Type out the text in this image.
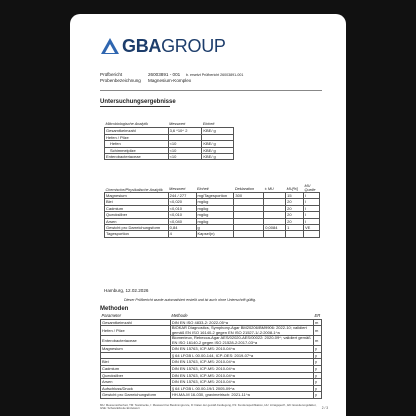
GBA GROUP
Prüfbericht	26003891 - 001 b. ersetzt Prüfbericht 26003891-001
Probenbezeichnung Magnesium-Komplex
Untersuchungsergebnisse
Mikrobiologische Analytik	Messwert	Einheit
Gesamtkeimzahl	3,6 *10^ 2	KBE/ g
Hefen / Pilze		
Hefen	<10	KBE/ g
Schimmelpilze	<10	KBE/ g
Enterobacteriaceae	<10	KBE/ g
Chemische/Physikalische Analytik	Messwert	Einheit	Deklaration	± MU	MU[%]	MU Quelle
Magnesium	244 / 277	mg/Tagesportion	300		15	I
Blei	<0,020	mg/kg			20	I
Cadmium	<0,010	mg/kg			20	I
Quecksilber	<0,010	mg/kg			20	I
Arsen	<0,040	mg/kg			20	I
Gewicht pro Darreichungsform	0,84	g		0,0084	1	VE
Tagesportion	4	Kapsel(n)				
Hamburg, 12.02.2026
Dieser Prüfbericht wurde automatisiert erstellt und ist auch ohne Unterschrift gültig.
Methoden
Parameter	Methode	ER
Gesamtkeimzahl	DIN EN ISO 4833-2: 2022-05^a	m
Hefen / Pilze	BIOKAR Diagnostics, Symphony-Agar BM20206/BM9906: 2022-10; validiert gemäß EN ISO 16140-2 gegen EN ISO 21527-1/-2:2008-1^a	m
Enterobacteriaceae	Biomerieux, Rebecca-Agar AES/02020-AES/00022: 2020-09^; validiert gemäß EN ISO 16140-2 gegen ISO 21528-2:2017-03^a	m
Magnesium	DIN EN 15763, ICP-MS: 2010-04^a	y
	§ 64 LFGB L 00.00-144, ICP-OES: 2019-07^a	y
Blei	DIN EN 15763, ICP-MS: 2010-04^a	y
Cadmium	DIN EN 15763, ICP-MS: 2010-04^a	y
Quecksilber	DIN EN 15763, ICP-MS: 2010-04^a	y
Arsen	DIN EN 15763, ICP-MS: 2010-04^a	y
Aufschluss/Druck	§ 64 LFGB L 00.00-19/1 2005-09^a	y
Gewicht pro Darreichungsform	HH-MA-M 16-030, gravimetrisch: 2021-11^a	y
MU: Messunsicherheit, TM: Teststrecke, I: Messwert bei Bestimmgrenze, D: Daten der gemäß Festlegung, KS: Kundenspezifikation, HU: intraigspezif., EK: Erweiterungsfaktor, GSE: Schwankbreite Einzelwert	2 / 3
